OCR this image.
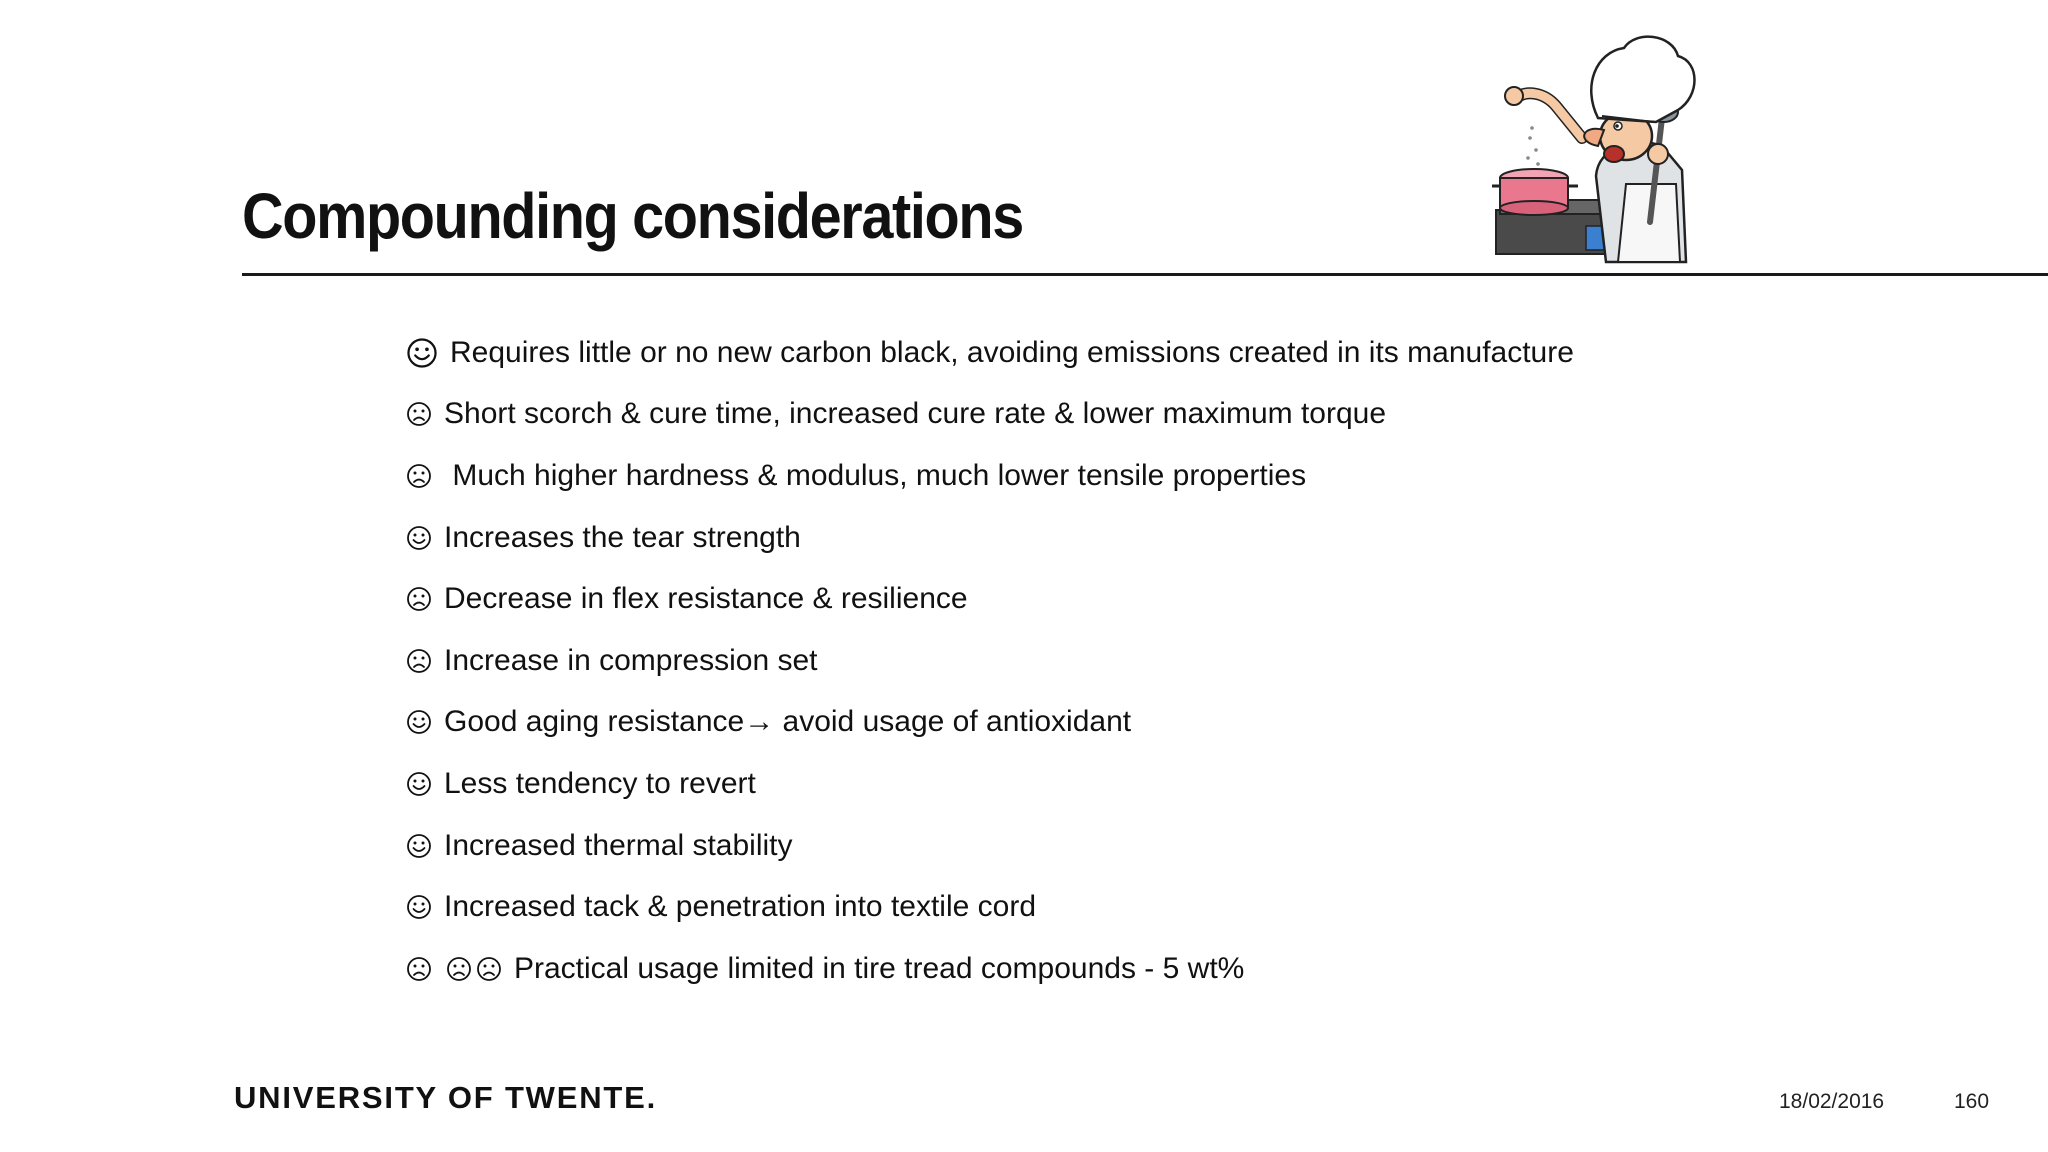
Compounding considerations
Requires little or no new carbon black, avoiding emissions created in its manufacture
Short scorch & cure time, increased cure rate & lower maximum torque
Much higher hardness & modulus, much lower tensile properties
Increases the tear strength
Decrease in flex resistance & resilience
Increase in compression set
Good aging resistance→ avoid usage of antioxidant
Less tendency to revert
Increased thermal stability
Increased tack & penetration into textile cord
Practical usage limited in tire tread compounds - 5 wt%
UNIVERSITY OF TWENTE.	18/02/2016	160
